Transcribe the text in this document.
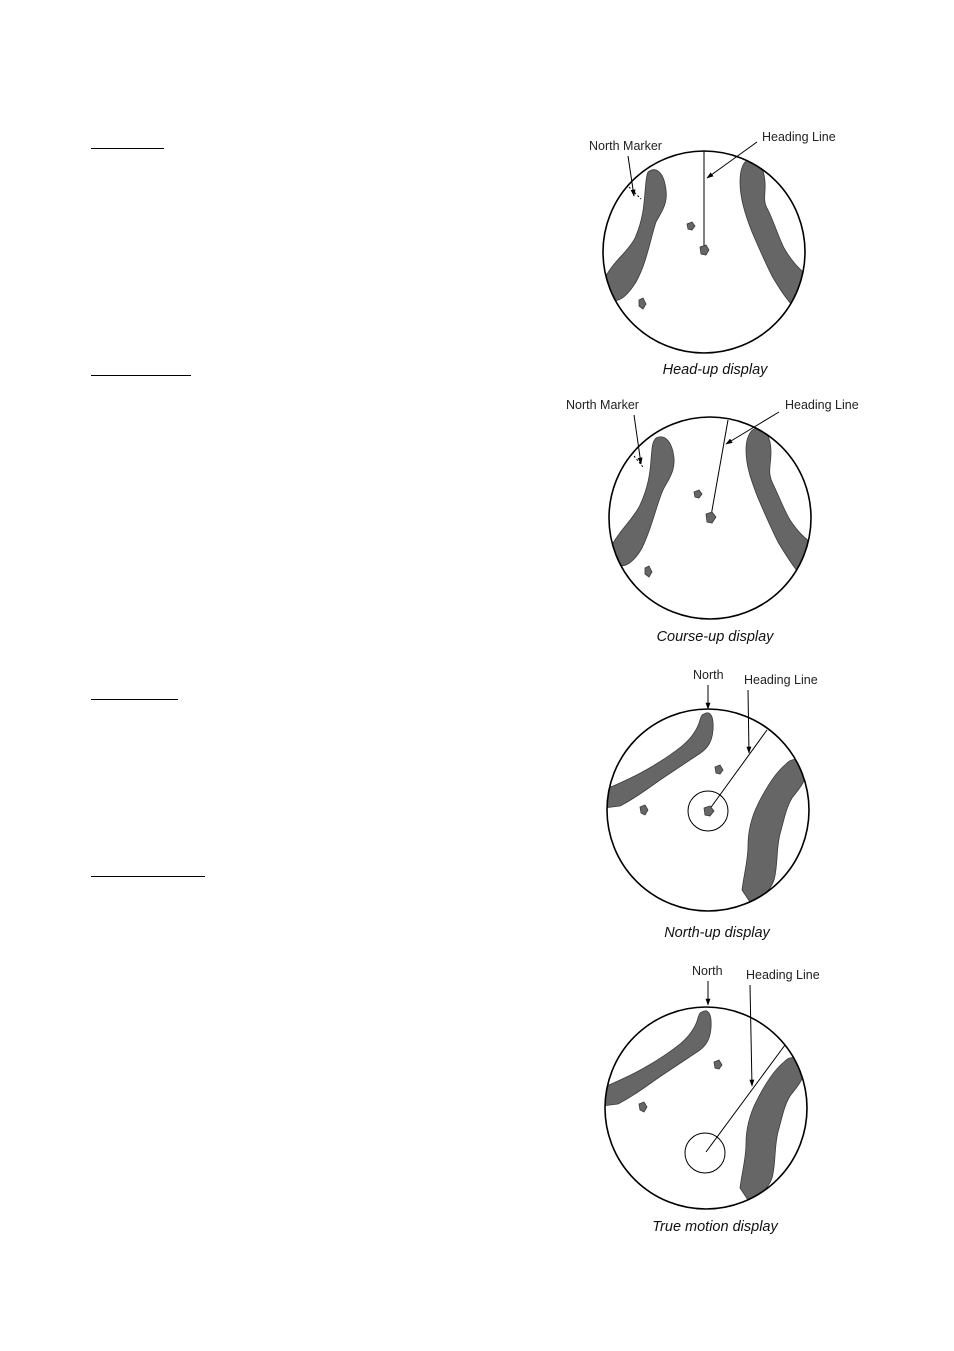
North Marker
Heading Line
Head-up display
North Marker	Heading Line
Course-up display
North Heading Line
North-up display
North Heading Line
True motion display
